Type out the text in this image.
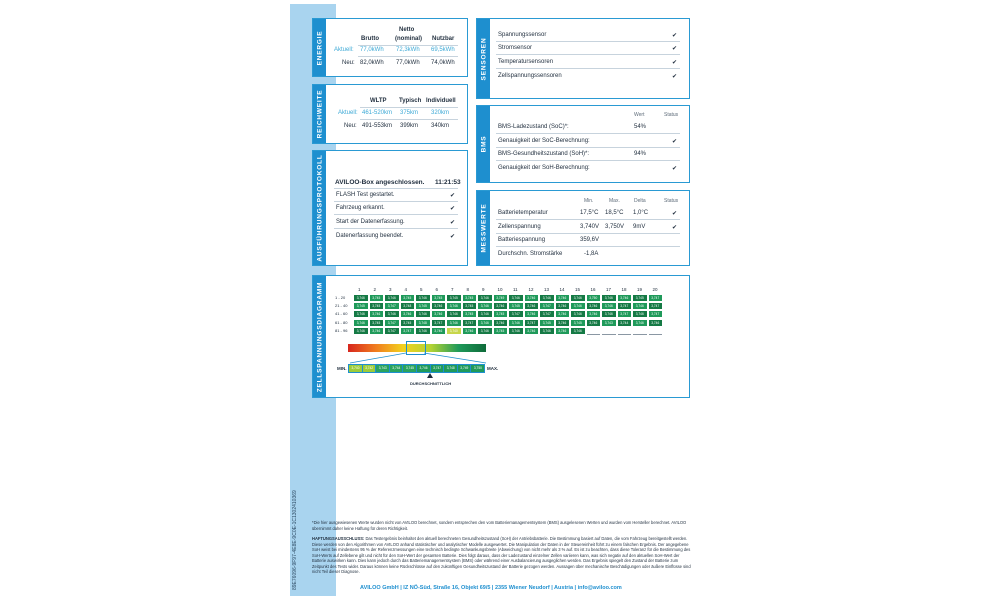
89E76096-9F97-4E8E-9C0E-1C1302410369
ENERGIE
Netto
Brutto	(nominal) Nutzbar
Aktuell: 77,0kWh 72,3kWh 69,5kWh
Neu: 82,0kWh 77,0kWh 74,0kWh
REICHWEITE	WLTP Typisch Individuell
Aktuell: 461-520km 375km 320km
Neu: 491-553km 399km 340km
AUSFÜHRUNGSPROTOKOLL AVILOO-Box angeschlossen. 11:21:53
FLASH Test gestartet.	✔
Fahrzeug erkannt.	✔
Start der Datenerfassung.	✔
Datenerfassung beendet.	✔
SENSOREN
Spannungssensor	✔
Stromsensor	✔
Temperatursensoren	✔
Zellspannungssensoren	✔
BMS
Wert	Status
BMS-Ladezustand (SoC)*:	54%
Genauigkeit der SoC-Berechnung:	✔
BMS-Gesundheitszustand (SoH)*:	94%
Genauigkeit der SoH-Berechnung:	✔
MESSWERTE
Min.	Max.	Delta	Status
Batterietemperatur	17,5°C 18,5°C 1,0°C	✔
Zellenspannung	3,740V 3,750V 9mV	✔
Batteriespannung	359,6V
Durchschn. Stromstärke	-1,8A
ZELLSPANNUNGSDIAGRAMM	1	2	3	4	5	6	7	8	9	10 11 12 13 14 15 16 17 18 19 20
1 - 20	3,746	3,745	3,746	3,745	3,746	3,745	3,745	3,745	3,746	3,749	3,746	3,746	3,746	3,746	3,746	3,750	3,746	3,746	3,745	3,747
21 - 40	3,745	3,745	3,747	3,748	3,745	3,746	3,746	3,745	3,746	3,746	3,745	3,746	3,747	3,746	3,746	3,746	3,746	3,747	3,746	3,747
41 - 60	3,746	3,746	3,746	3,746	3,746	3,746	3,746	3,745	3,746	3,745	3,747	3,746	3,747	3,746	3,746	3,746	3,746	3,747	3,746	3,747
61 - 80	3,746	3,745	3,747	3,745	3,748	3,747	3,746	3,747	3,746	3,746	3,746	3,747	3,745	3,746	3,745	3,746	3,743	3,744	3,746	3,746
81 - 96	3,746	3,746	3,747	3,747	3,746	3,746	3,740	3,746	3,746	3,745	3,746	3,746	3,746	3,746	3,746
MIN.	3,740	3,742	3,743	3,744	3,745	3,746	3,747	3,748	3,749	3,750	MAX.
DURCHSCHNITTLICH
*Die hier ausgewiesenen Werte wurden nicht von AVILOO berechnet, sondern entsprechen den vom Batteriemanagementsystem (BMS) ausgelesenen Werten und wurden vom Hersteller berechnet. AVILOO übernimmt daher keine Haftung für deren Richtigkeit.
HAFTUNGSAUSSCHLUSS: Das Testergebnis beinhaltet den aktuell berechneten Gesundheitszustand (SoH) der Antriebsbatterie. Die Bestimmung basiert auf Daten, die vom Fahrzeug bereitgestellt werden. Diese werden von den Algorithmen von AVILOO anhand statistischer und analytischer Modelle ausgewertet. Die Manipulation der Daten in der Steuereinheit führt zu einem falschen Ergebnis. Der angegebene SoH weist bei mindestens 95 % der Referenzmessungen eine technisch bedingte Schwankungsbreite (Abweichung) von nicht mehr als 3 % auf. Es ist zu beachten, dass diese Toleranz für die Bestimmung des SoH-Werts auf Zellebene gilt und nicht für den SoH-Wert der gesamten Batterie. Dies folgt daraus, dass der Ladezustand einzelner Zellen variieren kann, was sich negativ auf den aktuellen SoH-Wert der Batterie auswirken kann. Dies kann jedoch durch das Batteriemanagementsystem (BMS) oder während einer Ausbalancierung ausgeglichen werden. Das Ergebnis spiegelt den Zustand der Batterie zum Zeitpunkt des Tests wider. Daraus können keine Rückschlüsse auf den zukünftigen Gesundheitszustand der Batterie gezogen werden. Aussagen über mechanische Beschädigungen oder äußere Einflüsse sind nicht Teil dieser Diagnose.
AVILOO GmbH | IZ NÖ-Süd, Straße 16, Objekt 69/5 | 2355 Wiener Neudorf | Austria | info@aviloo.com
